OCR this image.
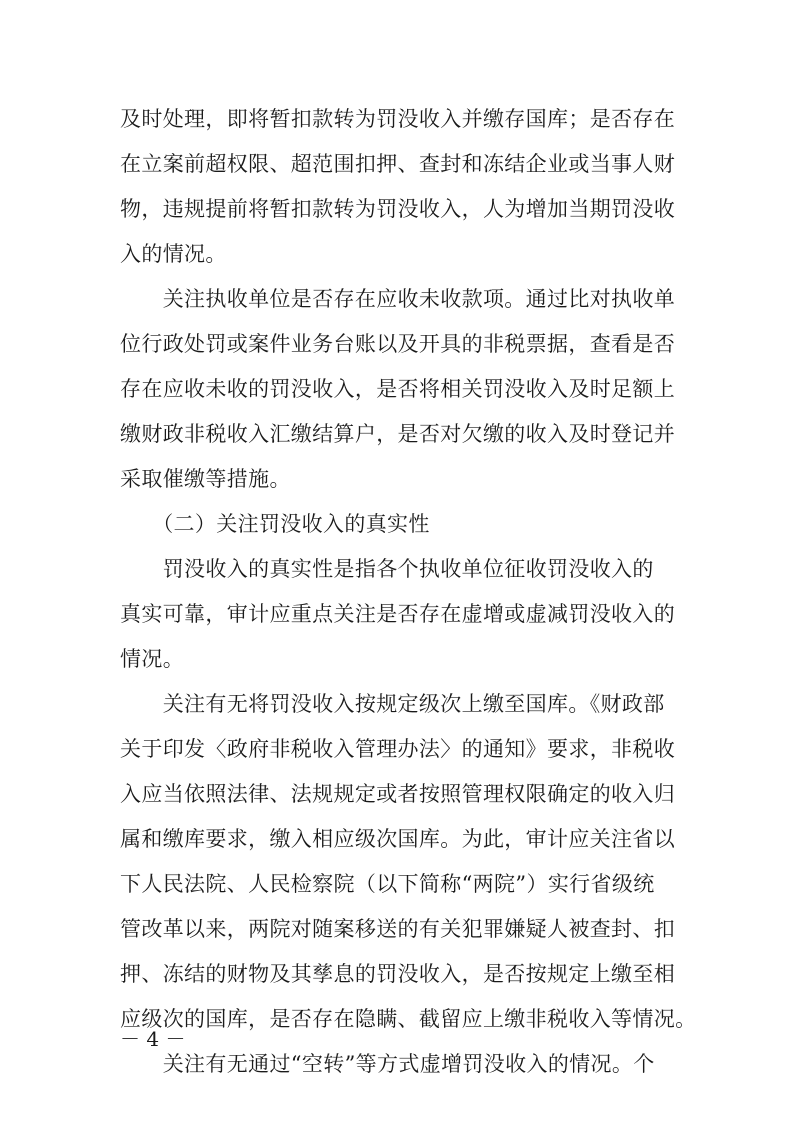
及时处理，即将暂扣款转为罚没收入并缴存国库；是否存在
在立案前超权限、超范围扣押、查封和冻结企业或当事人财
物，违规提前将暂扣款转为罚没收入，人为增加当期罚没收
入的情况。
　　关注执收单位是否存在应收未收款项。通过比对执收单
位行政处罚或案件业务台账以及开具的非税票据，查看是否
存在应收未收的罚没收入，是否将相关罚没收入及时足额上
缴财政非税收入汇缴结算户，是否对欠缴的收入及时登记并
采取催缴等措施。
　　（二）关注罚没收入的真实性
　　罚没收入的真实性是指各个执收单位征收罚没收入的
真实可靠，审计应重点关注是否存在虚增或虚减罚没收入的
情况。
　　关注有无将罚没收入按规定级次上缴至国库。《财政部
关于印发〈政府非税收入管理办法〉的通知》要求，非税收
入应当依照法律、法规规定或者按照管理权限确定的收入归
属和缴库要求，缴入相应级次国库。为此，审计应关注省以
下人民法院、人民检察院（以下简称“两院”）实行省级统
管改革以来，两院对随案移送的有关犯罪嫌疑人被查封、扣
押、冻结的财物及其孳息的罚没收入，是否按规定上缴至相
应级次的国库，是否存在隐瞒、截留应上缴非税收入等情况。
　　关注有无通过“空转”等方式虚增罚没收入的情况。个
－ 4 －
